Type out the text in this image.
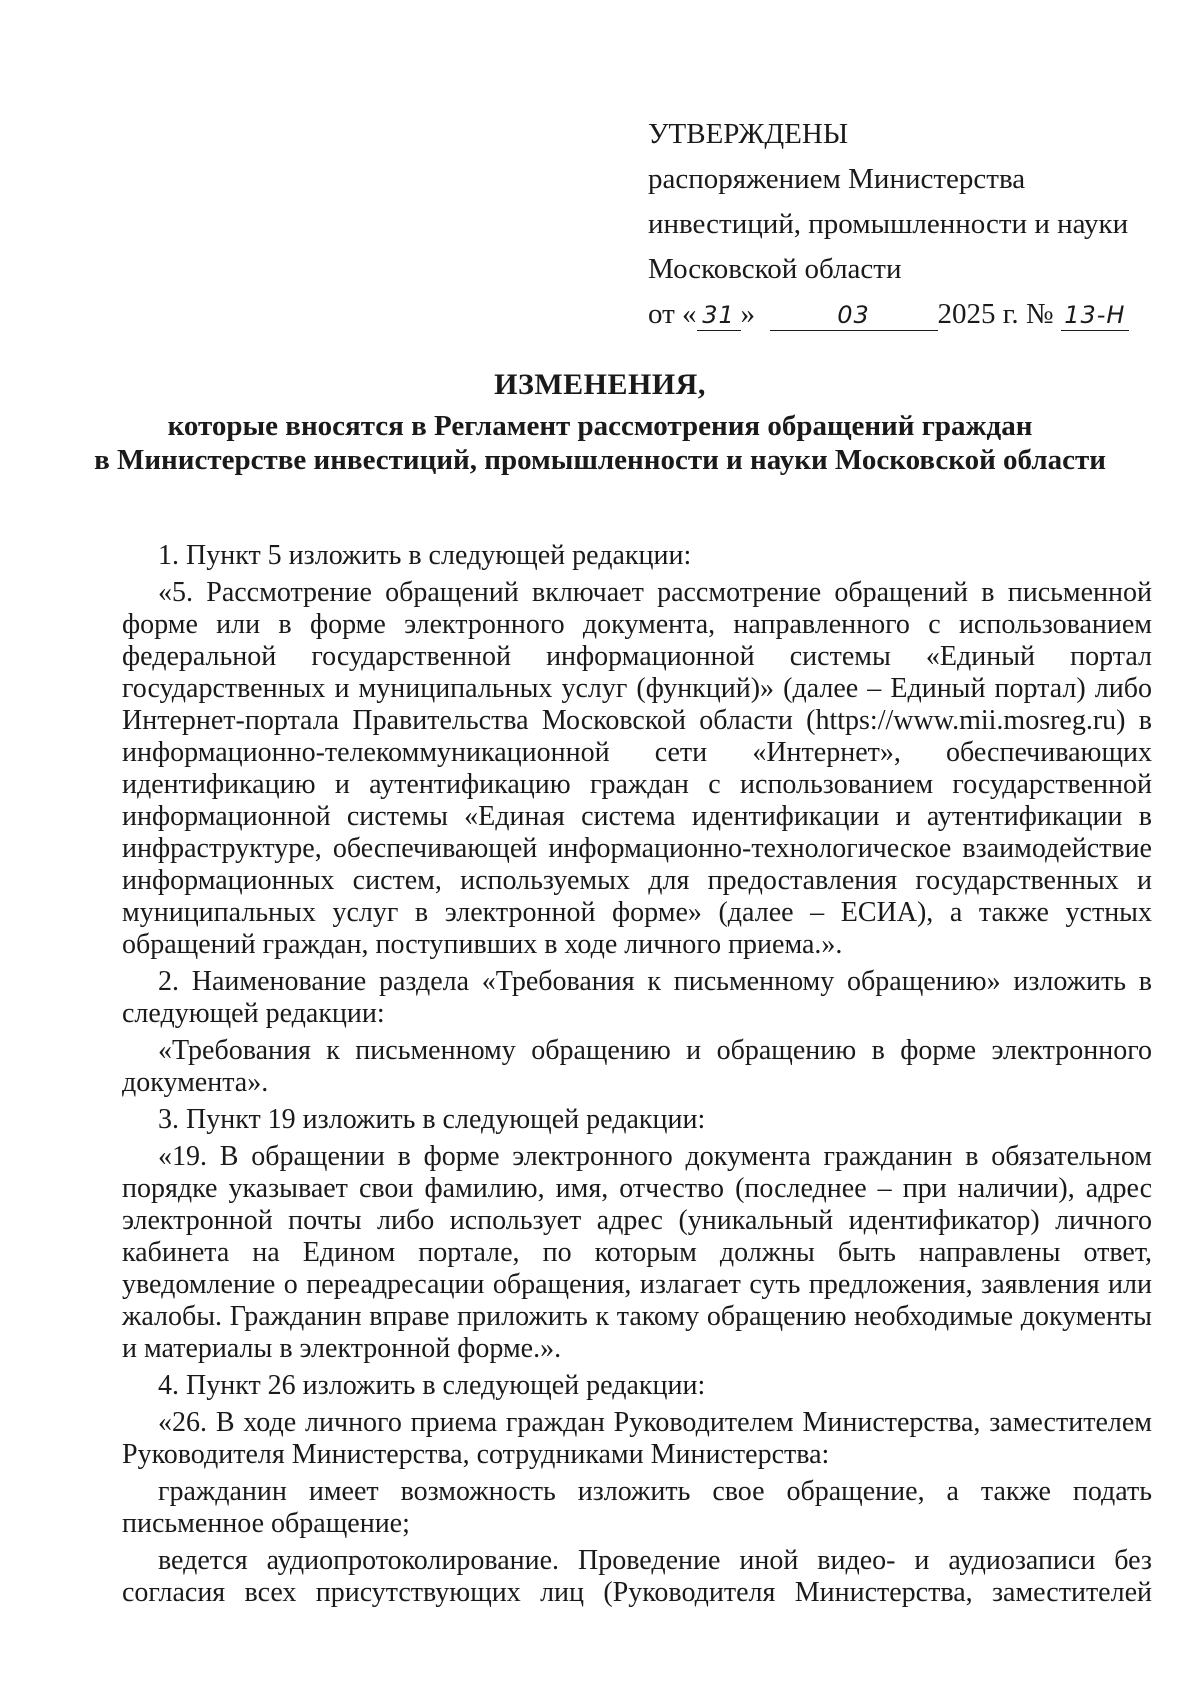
УТВЕРЖДЕНЫ
распоряжением Министерства
инвестиций, промышленности и науки
Московской области
от « 31 »	03 2025 г. № 13-Н
ИЗМЕНЕНИЯ,
которые вносятся в Регламент рассмотрения обращений граждан
в Министерстве инвестиций, промышленности и науки Московской области

1. Пункт 5 изложить в следующей редакции:

«5. Рассмотрение обращений включает рассмотрение обращений в письменной форме или в форме электронного документа, направленного с использованием федеральной государственной информационной системы «Единый портал государственных и муниципальных услуг (функций)» (далее – Единый портал) либо Интернет-портала Правительства Московской области (https://www.mii.mosreg.ru) в информационно-телекоммуникационной сети «Интернет», обеспечивающих идентификацию и аутентификацию граждан с использованием государственной информационной системы «Единая система идентификации и аутентификации в инфраструктуре, обеспечивающей информационно-технологическое взаимодействие информационных систем, используемых для предоставления государственных и муниципальных услуг в электронной форме» (далее – ЕСИА), а также устных обращений граждан, поступивших в ходе личного приема.».

2. Наименование раздела «Требования к письменному обращению» изложить в следующей редакции:

«Требования к письменному обращению и обращению в форме электронного документа».

3. Пункт 19 изложить в следующей редакции:

«19. В обращении в форме электронного документа гражданин в обязательном порядке указывает свои фамилию, имя, отчество (последнее – при наличии), адрес электронной почты либо использует адрес (уникальный идентификатор) личного кабинета на Едином портале, по которым должны быть направлены ответ, уведомление о переадресации обращения, излагает суть предложения, заявления или жалобы. Гражданин вправе приложить к такому обращению необходимые документы и материалы в электронной форме.».

4. Пункт 26 изложить в следующей редакции:

«26. В ходе личного приема граждан Руководителем Министерства, заместителем Руководителя Министерства, сотрудниками Министерства:

гражданин имеет возможность изложить свое обращение, а также подать письменное обращение;

ведется аудиопротоколирование. Проведение иной видео- и аудиозаписи без согласия всех присутствующих лиц (Руководителя Министерства, заместителей
